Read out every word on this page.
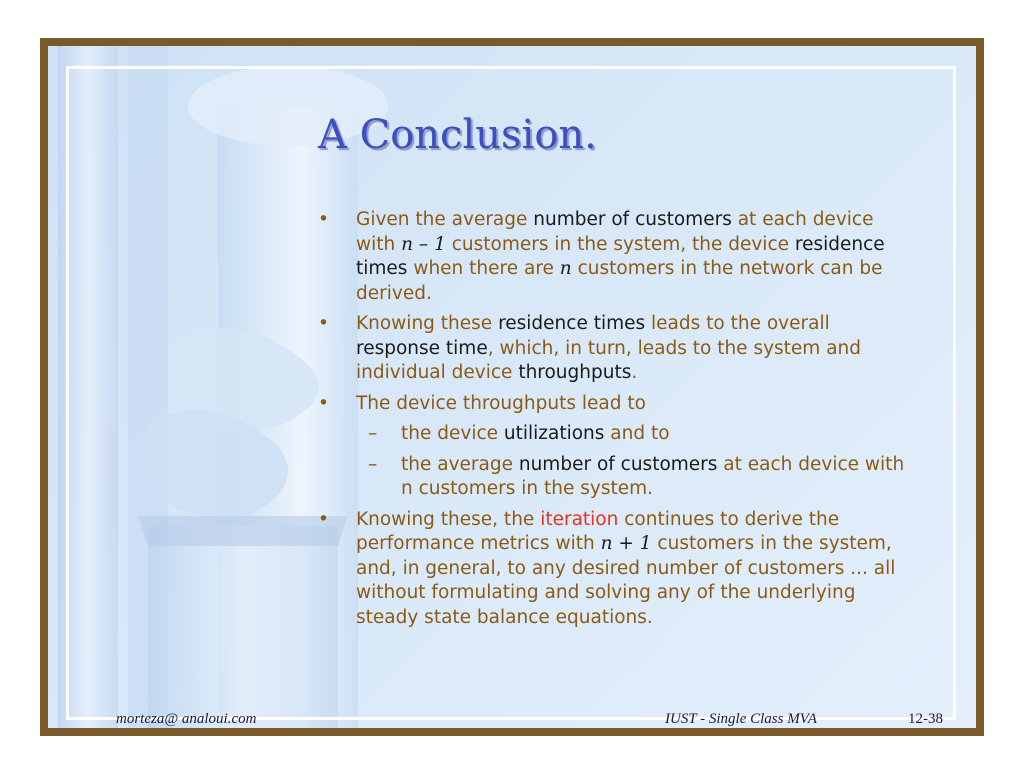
A Conclusion.
• Given the average number of customers at each device with n – 1 customers in the system, the device residence times when there are n customers in the network can be derived.
• Knowing these residence times leads to the overall response time, which, in turn, leads to the system and individual device throughputs.
• The device throughputs lead to
– the device utilizations and to
– the average number of customers at each device with n customers in the system.
• Knowing these, the iteration continues to derive the performance metrics with n + 1 customers in the system, and, in general, to any desired number of customers ... all without formulating and solving any of the underlying steady state balance equations.
morteza@ analoui.com	IUST - Single Class MVA	12-38
